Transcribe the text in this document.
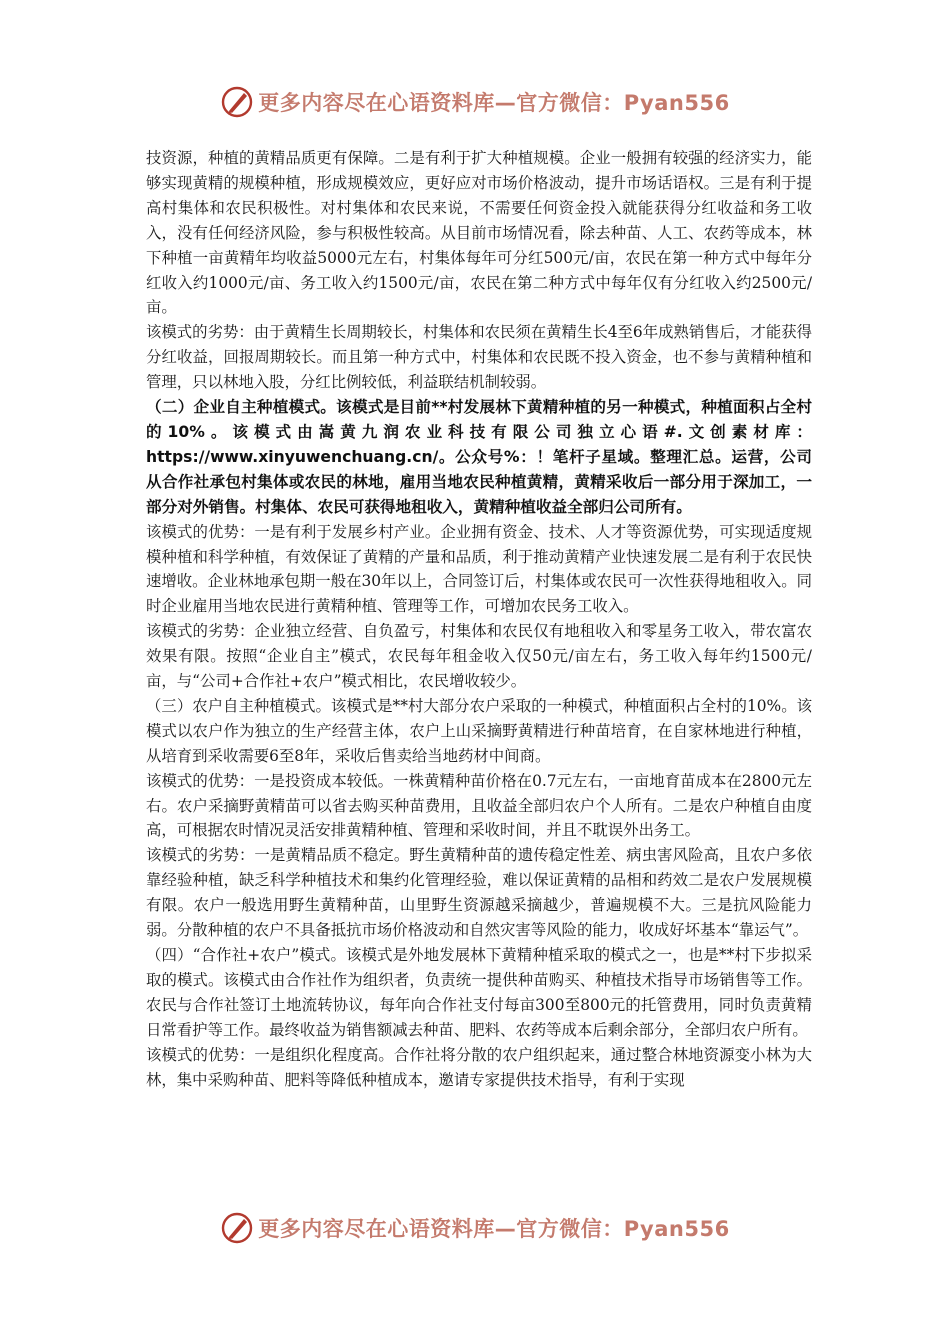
更多内容尽在心语资料库—官方微信：Pyan556

技资源，种植的黄精品质更有保障。二是有利于扩大种植规模。企业一般拥有较强的经济实力，能够实现黄精的规模种植，形成规模效应，更好应对市场价格波动，提升市场话语权。三是有利于提高村集体和农民积极性。对村集体和农民来说，不需要任何资金投入就能获得分红收益和务工收入，没有任何经济风险，参与积极性较高。从目前市场情况看，除去种苗、人工、农药等成本，林下种植一亩黄精年均收益5000元左右，村集体每年可分红500元/亩，农民在第一种方式中每年分红收入约1000元/亩、务工收入约1500元/亩，农民在第二种方式中每年仅有分红收入约2500元/亩。

该模式的劣势：由于黄精生长周期较长，村集体和农民须在黄精生长4至6年成熟销售后，才能获得分红收益，回报周期较长。而且第一种方式中，村集体和农民既不投入资金，也不参与黄精种植和管理，只以林地入股，分红比例较低，利益联结机制较弱。

（二）企业自主种植模式。该模式是目前**村发展林下黄精种植的另一种模式，种植面积占全村的10%。该模式由嵩黄九润农业科技有限公司独立心语#.文创素材库：https://www.xinyuwenchuang.cn/。公众号%：！笔杆子星域。整理汇总。运营，公司从合作社承包村集体或农民的林地，雇用当地农民种植黄精，黄精采收后一部分用于深加工，一部分对外销售。村集体、农民可获得地租收入，黄精种植收益全部归公司所有。

该模式的优势：一是有利于发展乡村产业。企业拥有资金、技术、人才等资源优势，可实现适度规模种植和科学种植，有效保证了黄精的产量和品质，利于推动黄精产业快速发展二是有利于农民快速增收。企业林地承包期一般在30年以上，合同签订后，村集体或农民可一次性获得地租收入。同时企业雇用当地农民进行黄精种植、管理等工作，可增加农民务工收入。

该模式的劣势：企业独立经营、自负盈亏，村集体和农民仅有地租收入和零星务工收入，带农富农效果有限。按照“企业自主”模式，农民每年租金收入仅50元/亩左右，务工收入每年约1500元/亩，与“公司+合作社+农户”模式相比，农民增收较少。

（三）农户自主种植模式。该模式是**村大部分农户采取的一种模式，种植面积占全村的10%。该模式以农户作为独立的生产经营主体，农户上山采摘野黄精进行种苗培育，在自家林地进行种植，从培育到采收需要6至8年，采收后售卖给当地药材中间商。

该模式的优势：一是投资成本较低。一株黄精种苗价格在0.7元左右，一亩地育苗成本在2800元左右。农户采摘野黄精苗可以省去购买种苗费用，且收益全部归农户个人所有。二是农户种植自由度高，可根据农时情况灵活安排黄精种植、管理和采收时间，并且不耽误外出务工。

该模式的劣势：一是黄精品质不稳定。野生黄精种苗的遗传稳定性差、病虫害风险高，且农户多依靠经验种植，缺乏科学种植技术和集约化管理经验，难以保证黄精的品相和药效二是农户发展规模有限。农户一般选用野生黄精种苗，山里野生资源越采摘越少，普遍规模不大。三是抗风险能力弱。分散种植的农户不具备抵抗市场价格波动和自然灾害等风险的能力，收成好坏基本“靠运气”。

（四）“合作社+农户”模式。该模式是外地发展林下黄精种植采取的模式之一，也是**村下步拟采取的模式。该模式由合作社作为组织者，负责统一提供种苗购买、种植技术指导市场销售等工作。农民与合作社签订土地流转协议，每年向合作社支付每亩300至800元的托管费用，同时负责黄精日常看护等工作。最终收益为销售额减去种苗、肥料、农药等成本后剩余部分，全部归农户所有。

该模式的优势：一是组织化程度高。合作社将分散的农户组织起来，通过整合林地资源变小林为大林，集中采购种苗、肥料等降低种植成本，邀请专家提供技术指导，有利于实现

更多内容尽在心语资料库—官方微信：Pyan556
